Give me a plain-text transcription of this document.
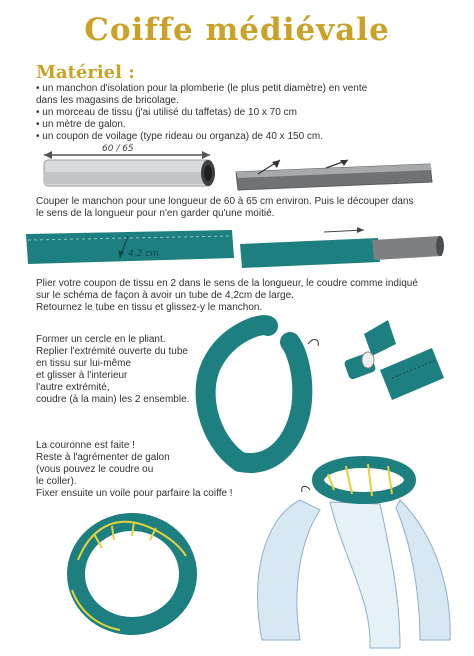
Coiffe médiévale
Matériel :
• un manchon d'isolation pour la plomberie (le plus petit diamètre) en vente
dans les magasins de bricolage.
• un morceau de tissu (j'ai utilisé du taffetas) de 10 x 70 cm
• un mètre de galon.
• un coupon de voilage (type rideau ou organza) de 40 x 150 cm.
60 / 65
4,2 cm
Couper le manchon pour une longueur de 60 à 65 cm environ. Puis le découper dans
le sens de la longueur pour n'en garder qu'une moitié.
Plier votre coupon de tissu en 2 dans le sens de la longueur, le coudre comme indiqué
sur le schéma de façon à avoir un tube de 4,2cm de large.
Retournez le tube en tissu et glissez-y le manchon.
Former un cercle en le pliant.
Replier l'extrémité ouverte du tube
en tissu sur lui-même
et glisser à l'interieur
l'autre extrémité,
coudre (à la main) les 2 ensemble.
La couronne est faite !
Reste à l'agrémenter de galon
(vous pouvez le coudre ou
le coller).
Fixer ensuite un voile pour parfaire la coiffe !
